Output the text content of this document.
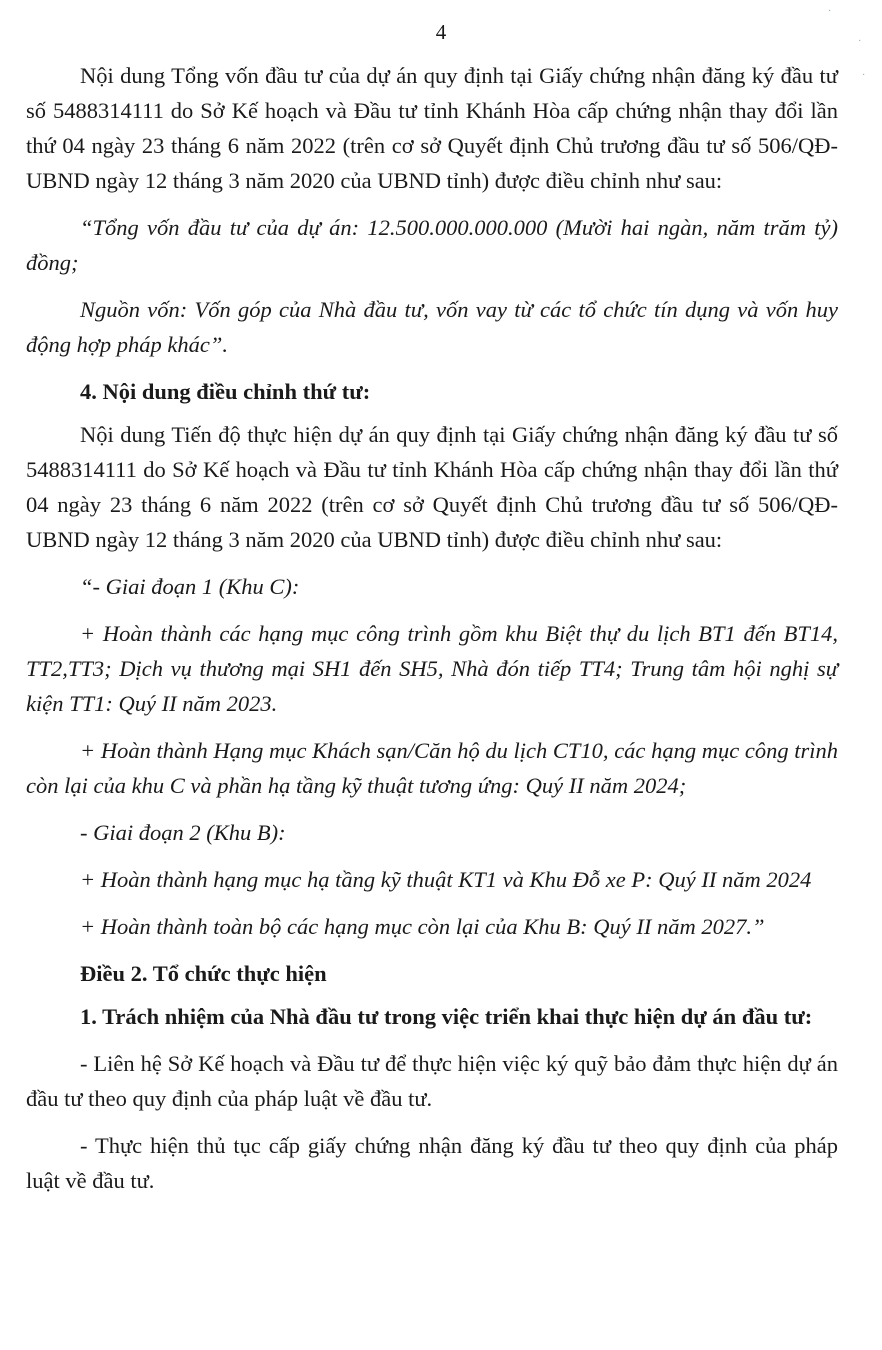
4
·
·
·

Nội dung Tổng vốn đầu tư của dự án quy định tại Giấy chứng nhận đăng ký đầu tư số 5488314111 do Sở Kế hoạch và Đầu tư tỉnh Khánh Hòa cấp chứng nhận thay đổi lần thứ 04 ngày 23 tháng 6 năm 2022 (trên cơ sở Quyết định Chủ trương đầu tư số 506/QĐ-UBND ngày 12 tháng 3 năm 2020 của UBND tỉnh) được điều chỉnh như sau:

“Tổng vốn đầu tư của dự án: 12.500.000.000.000 (Mười hai ngàn, năm trăm tỷ) đồng;

Nguồn vốn: Vốn góp của Nhà đầu tư, vốn vay từ các tổ chức tín dụng và vốn huy động hợp pháp khác”.

4. Nội dung điều chỉnh thứ tư:

Nội dung Tiến độ thực hiện dự án quy định tại Giấy chứng nhận đăng ký đầu tư số 5488314111 do Sở Kế hoạch và Đầu tư tỉnh Khánh Hòa cấp chứng nhận thay đổi lần thứ 04 ngày 23 tháng 6 năm 2022 (trên cơ sở Quyết định Chủ trương đầu tư số 506/QĐ-UBND ngày 12 tháng 3 năm 2020 của UBND tỉnh) được điều chỉnh như sau:

“- Giai đoạn 1 (Khu C):

+ Hoàn thành các hạng mục công trình gồm khu Biệt thự du lịch BT1 đến BT14, TT2,TT3; Dịch vụ thương mại SH1 đến SH5, Nhà đón tiếp TT4; Trung tâm hội nghị sự kiện TT1: Quý II năm 2023.

+ Hoàn thành Hạng mục Khách sạn/Căn hộ du lịch CT10, các hạng mục công trình còn lại của khu C và phần hạ tầng kỹ thuật tương ứng: Quý II năm 2024;

- Giai đoạn 2 (Khu B):

+ Hoàn thành hạng mục hạ tầng kỹ thuật KT1 và Khu Đỗ xe P: Quý II năm 2024

+ Hoàn thành toàn bộ các hạng mục còn lại của Khu B: Quý II năm 2027.”

Điều 2. Tổ chức thực hiện

1. Trách nhiệm của Nhà đầu tư trong việc triển khai thực hiện dự án đầu tư:

- Liên hệ Sở Kế hoạch và Đầu tư để thực hiện việc ký quỹ bảo đảm thực hiện dự án đầu tư theo quy định của pháp luật về đầu tư.

- Thực hiện thủ tục cấp giấy chứng nhận đăng ký đầu tư theo quy định của pháp luật về đầu tư.
